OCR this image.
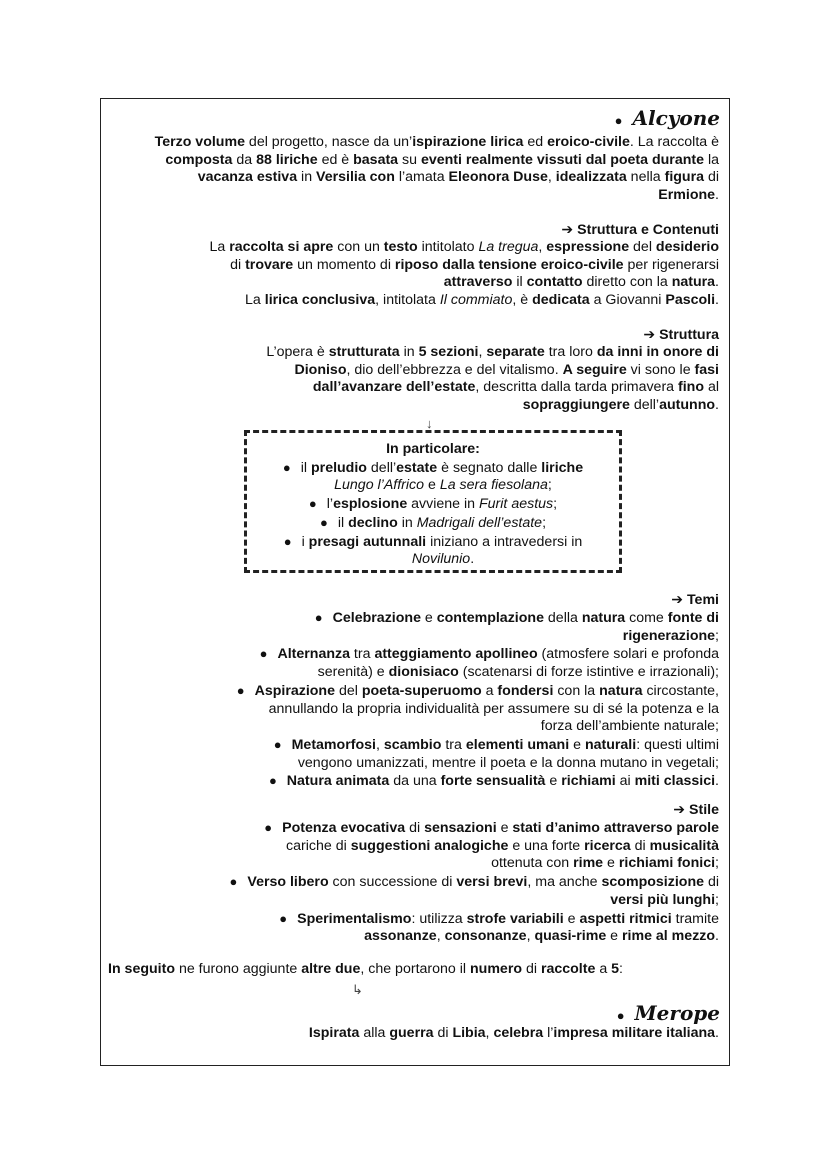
● Alcyone
Terzo volume del progetto, nasce da un’ispirazione lirica ed eroico-civile. La raccolta è
composta da 88 liriche ed è basata su eventi realmente vissuti dal poeta durante la
vacanza estiva in Versilia con l’amata Eleonora Duse, idealizzata nella figura di
Ermione.
➔ Struttura e Contenuti
La raccolta si apre con un testo intitolato La tregua, espressione del desiderio
di trovare un momento di riposo dalla tensione eroico-civile per rigenerarsi
attraverso il contatto diretto con la natura.
La lirica conclusiva, intitolata Il commiato, è dedicata a Giovanni Pascoli.
➔ Struttura
L’opera è strutturata in 5 sezioni, separate tra loro da inni in onore di
Dioniso, dio dell’ebbrezza e del vitalismo. A seguire vi sono le fasi
dall’avanzare dell’estate, descritta dalla tarda primavera fino al
sopraggiungere dell’autunno.
↓
In particolare:
● il preludio dell’estate è segnato dalle liriche
Lungo l’Affrico e La sera fiesolana;
● l’esplosione avviene in Furit aestus;
● il declino in Madrigali dell’estate;
● i presagi autunnali iniziano a intravedersi in
Novilunio.
➔ Temi
● Celebrazione e contemplazione della natura come fonte di
rigenerazione;
● Alternanza tra atteggiamento apollineo (atmosfere solari e profonda
serenità) e dionisiaco (scatenarsi di forze istintive e irrazionali);
● Aspirazione del poeta-superuomo a fondersi con la natura circostante,
annullando la propria individualità per assumere su di sé la potenza e la
forza dell’ambiente naturale;
● Metamorfosi, scambio tra elementi umani e naturali: questi ultimi
vengono umanizzati, mentre il poeta e la donna mutano in vegetali;
● Natura animata da una forte sensualità e richiami ai miti classici.
➔ Stile
● Potenza evocativa di sensazioni e stati d’animo attraverso parole
cariche di suggestioni analogiche e una forte ricerca di musicalità
ottenuta con rime e richiami fonici;
● Verso libero con successione di versi brevi, ma anche scomposizione di
versi più lunghi;
● Sperimentalismo: utilizza strofe variabili e aspetti ritmici tramite
assonanze, consonanze, quasi-rime e rime al mezzo.
In seguito ne furono aggiunte altre due, che portarono il numero di raccolte a 5:
↳
● Merope
Ispirata alla guerra di Libia, celebra l’impresa militare italiana.
